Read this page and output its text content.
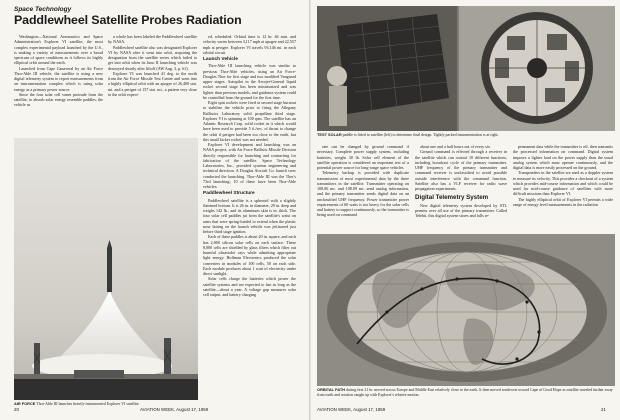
Space Technology
Paddlewheel Satellite Probes Radiation

Washington—National Aeronautics and Space Administration's Explorer VI satellite, the most complex experimental payload launched by the U.S., is making a variety of measurements over a broad spectrum of space conditions as it follows its highly elliptical orbit around the earth.

Launched from Cape Canaveral by an Air Force Thor-Able III vehicle, the satellite is using a new digital telemetry system to report measurements from an instrumentation complex which is using solar energy as a primary power source.

Since the four solar cell vanes protrude from the satellite, to absorb solar energy resemble paddles, the vehicle as

a whole has been labeled the Paddlewheel satellite by NASA.

Paddlewheel satellite also was designated Explorer VI by NASA after it went into orbit, acquiring the designation from the satellite series which failed to get into orbit when its Juno II launching vehicle was destroyed shortly after liftoff (AW Aug. 3, p. 61).

Explorer VI was launched 41 deg. to the north from the Air Force Missile Test Center and went into a highly elliptical orbit with an apogee of 26,400 stat. mi. and a perigee of 157 stat. mi., a pattern very close to the orbit expect-

ed, scheduled. Orbital time is 12 hr. 46 min. and velocity varies between 3,117 mph at apogee and 22,557 mph at perigee. Explorer VI travels 93,146 mi. in each orbital circuit.

Launch Vehicle

Thor-Able III launching vehicle was similar to previous Thor-Able vehicles, using an Air Force-Douglas Thor for first stage and two modified Vanguard upper stages. Autopilot in the Aerojet-General liquid rocket second stage has been miniaturized and was lighter than previous models, and guidance system could be controlled from the ground for the first time.

Eight spin rockets were fired at second stage burnout to stabilize the vehicle prior to firing the Allegany Ballistics Laboratory solid propellant third stage. Explorer VI is spinning at 100 rpm. The satellite has an Atlantic Research Corp. solid rocket in it which would have been used to provide 5 ft./sec. of thrust to change the orbit if perigee had been too close to the earth, but this small kicker rocket was not needed.

Explorer VI development and launching was an NASA project, with Air Force Ballistic Missile Division directly responsible for launching and contracting for fabrication of the satellite. Space Technology Laboratories, Inc., provided systems engineering and technical direction. A Douglas Aircraft Co. launch crew conducted the launching. Thor-Able III was the Thor's 73rd launching; 10 of these have been Thor-Able vehicles.

Paddlewheel Structure

Paddlewheel satellite is a spheroid with a slightly flattened bottom. It is 26 in. in diameter, 29 in. deep and weighs 142 lb., and its aluminum skin is in. thick. The four solar cell paddles jut from the satellite's waist on arms that were spring-loaded to extend when the plastic nose fairing on the launch vehicle was jettisoned just before third stage ignition.

Each of these paddles is about 20 in. square, and each has 2,000 silicon solar cells on each surface. These 8,000 cells are shielded by glass filters which filter out harmful ultraviolet rays while admitting appropriate light energy. Hoffman Electronics produced the solar converters in modules of 100 cells, 50 on each side. Each module produces about 1 watt of electricity under direct sunlight.

Solar cells charge the batteries which power the satellite systems and are expected to last as long as the satellite—about a year. A voltage gap measures solar cell output, and battery charging

AIR FORCE Thor-Able III launches heavily instrumented Explorer VI satellite.
20	AVIATION WEEK, August 17, 1959
TEST SOLAR paddle is fitted to satellite (left) to determine final design. Tightly packed instrumentation is at right.

rate can be changed by ground command if necessary. Complete power supply system, including batteries, weighs 30 lb. Solar cell element of the satellite operation is considered an important test of a potential power source for long-range space vehicles.

Telemetry backup is provided with duplicate transmission of most experimental data by the three transmitters in the satellite. Transmitter operating on 108.06 mc. and 108.09 mc. send analog information, and the primary transmitter sends digital data on an unclassified UHF frequency. Power transmitter power requirements of 60 watts is too heavy for the solar cells and battery to support continuously, so the transmitter is being used on command

about one and a half hours out of every six.

Ground command is effected through a receiver in the satellite which can control 10 different functions, including broadcast cycle of the primary transmitter. UHF frequency of the primary transmitter and command receiver is unclassified to avoid possible outside interference with the command function. Satellite also has a VLF receiver for radio wave propagation experiments.

Digital Telemetry System

New digital telemetry system developed by STL permits over all use of the primary transmitter. Called Telebit, this digital system stores and falls re-

permanent data while the transmitter is off, then transmits the processed information on command. Digital system imposes a lighter load on the power supply than the usual analog system which must operate continuously, and the digital data is more easily processed on the ground.

Transponders in the satellite are used as a doppler system to measure its velocity. This provides a checkout of a system which provides mid-course information and which could be used for mid-course guidance of satellites with more difficult missions than Explorer VI.

The highly elliptical orbit of Explorer VI permits a wide range of energy level measurements in the radiation

ORBITAL PATH during first 21 hr. moved across Europe and Middle East relatively close to the earth. It then moved southwest toward Cape of Good Hope as satellite traveled further away from earth and rotation caught up with Explorer's relative motion.
AVIATION WEEK, August 17, 1959	21
